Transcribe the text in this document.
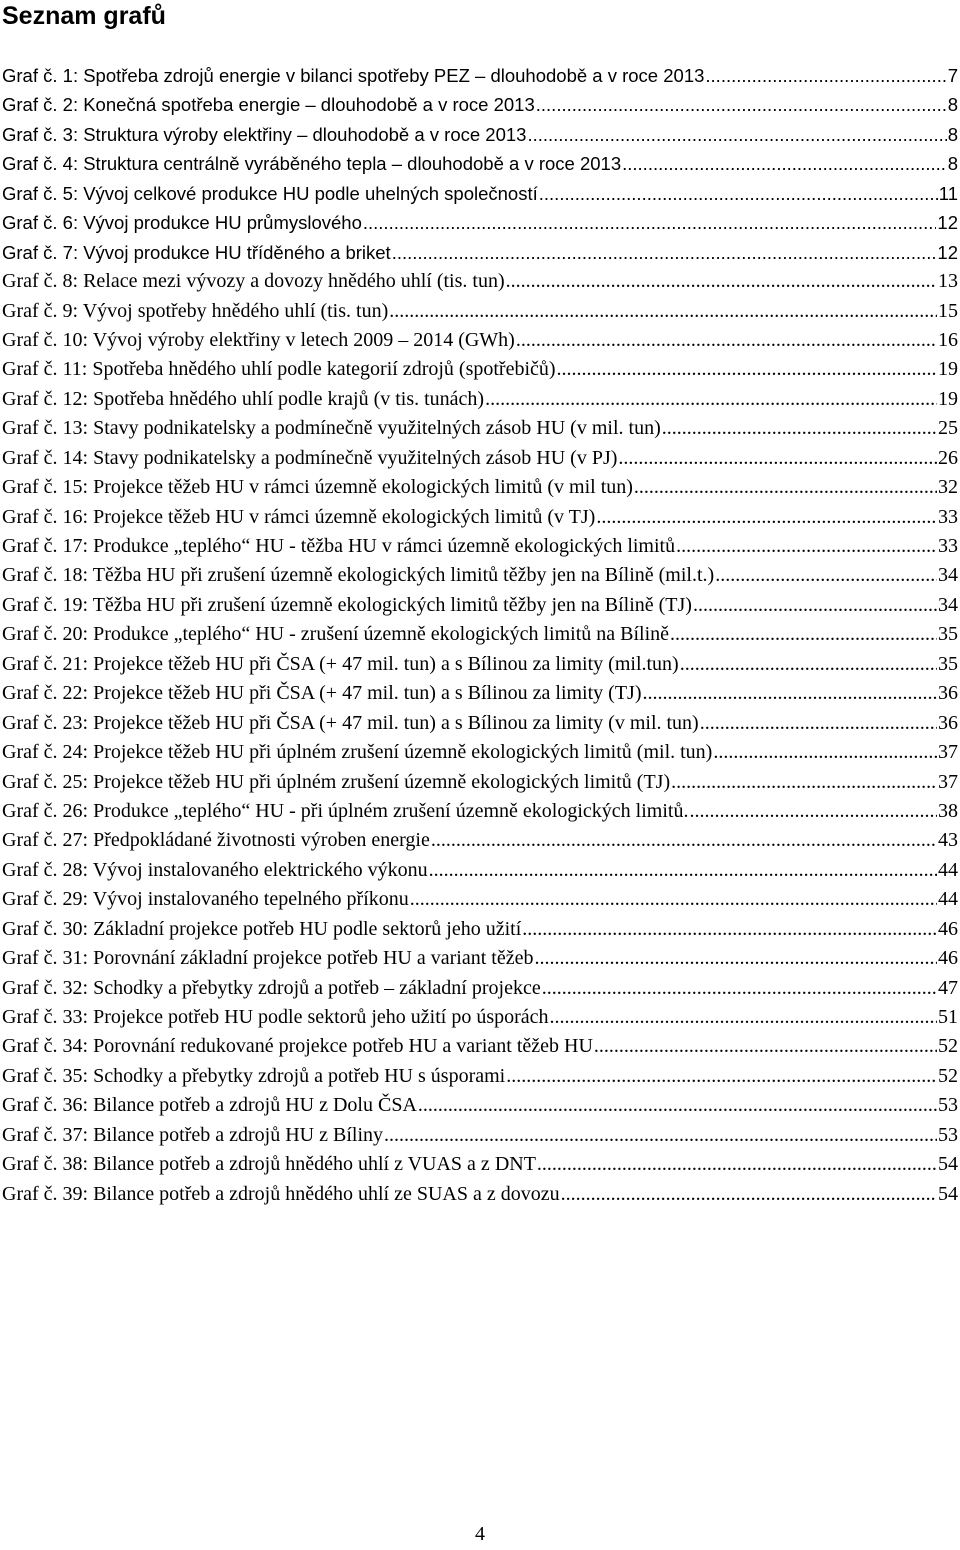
Seznam grafů
Graf č. 1: Spotřeba zdrojů energie v bilanci spotřeby PEZ – dlouhodobě a v roce 2013 .....	7
Graf č. 2: Konečná spotřeba energie – dlouhodobě a v roce 2013 .....	8
Graf č. 3: Struktura výroby elektřiny – dlouhodobě a v roce 2013 .....	8
Graf č. 4: Struktura centrálně vyráběného tepla – dlouhodobě a v roce 2013 .....	8
Graf č. 5: Vývoj celkové produkce HU podle uhelných společností .....	11
Graf č. 6: Vývoj produkce HU průmyslového .....	12
Graf č. 7: Vývoj produkce HU tříděného a briket .....	12
Graf č. 8: Relace mezi vývozy a dovozy hnědého uhlí (tis. tun) .....	13
Graf č. 9: Vývoj spotřeby hnědého uhlí (tis. tun) .....	15
Graf č. 10: Vývoj výroby elektřiny v letech 2009 – 2014 (GWh) .....	16
Graf č. 11: Spotřeba hnědého uhlí podle kategorií zdrojů (spotřebičů) .....	19
Graf č. 12: Spotřeba hnědého uhlí podle krajů (v tis. tunách) .....	19
Graf č. 13: Stavy podnikatelsky a podmínečně využitelných zásob HU (v mil. tun) .....	25
Graf č. 14: Stavy podnikatelsky a podmínečně využitelných zásob HU (v PJ) .....	26
Graf č. 15: Projekce těžeb HU v rámci územně ekologických limitů (v mil tun) .....	32
Graf č. 16: Projekce těžeb HU v rámci územně ekologických limitů (v TJ) .....	33
Graf č. 17: Produkce „teplého“ HU - těžba HU v rámci územně ekologických limitů .....	33
Graf č. 18: Těžba HU při zrušení územně ekologických limitů těžby jen na Bílině (mil.t.) .....	34
Graf č. 19: Těžba HU při zrušení územně ekologických limitů těžby jen na Bílině (TJ) .....	34
Graf č. 20: Produkce „teplého“ HU - zrušení územně ekologických limitů na Bílině .....	35
Graf č. 21: Projekce těžeb HU při ČSA (+ 47 mil. tun) a s Bílinou za limity (mil.tun) .....	35
Graf č. 22: Projekce těžeb HU při ČSA (+ 47 mil. tun) a s Bílinou za limity (TJ) .....	36
Graf č. 23: Projekce těžeb HU při ČSA (+ 47 mil. tun) a s Bílinou za limity (v mil. tun) .....	36
Graf č. 24: Projekce těžeb HU při úplném zrušení územně ekologických limitů (mil. tun) .....	37
Graf č. 25: Projekce těžeb HU při úplném zrušení územně ekologických limitů (TJ) .....	37
Graf č. 26: Produkce „teplého“ HU - při úplném zrušení územně ekologických limitů. .....	38
Graf č. 27: Předpokládané životnosti výroben energie .....	43
Graf č. 28: Vývoj instalovaného elektrického výkonu .....	44
Graf č. 29: Vývoj instalovaného tepelného příkonu .....	44
Graf č. 30: Základní projekce potřeb HU podle sektorů jeho užití .....	46
Graf č. 31: Porovnání základní projekce potřeb HU a variant těžeb .....	46
Graf č. 32: Schodky a přebytky zdrojů a potřeb – základní projekce .....	47
Graf č. 33: Projekce potřeb HU podle sektorů jeho užití po úsporách .....	51
Graf č. 34: Porovnání redukované projekce potřeb HU a variant těžeb HU .....	52
Graf č. 35: Schodky a přebytky zdrojů a potřeb HU s úsporami .....	52
Graf č. 36: Bilance potřeb a zdrojů HU z Dolu ČSA .....	53
Graf č. 37: Bilance potřeb a zdrojů HU z Bíliny .....	53
Graf č. 38: Bilance potřeb a zdrojů hnědého uhlí z VUAS a z DNT .....	54
Graf č. 39: Bilance potřeb a zdrojů hnědého uhlí ze SUAS a z dovozu .....	54
4
